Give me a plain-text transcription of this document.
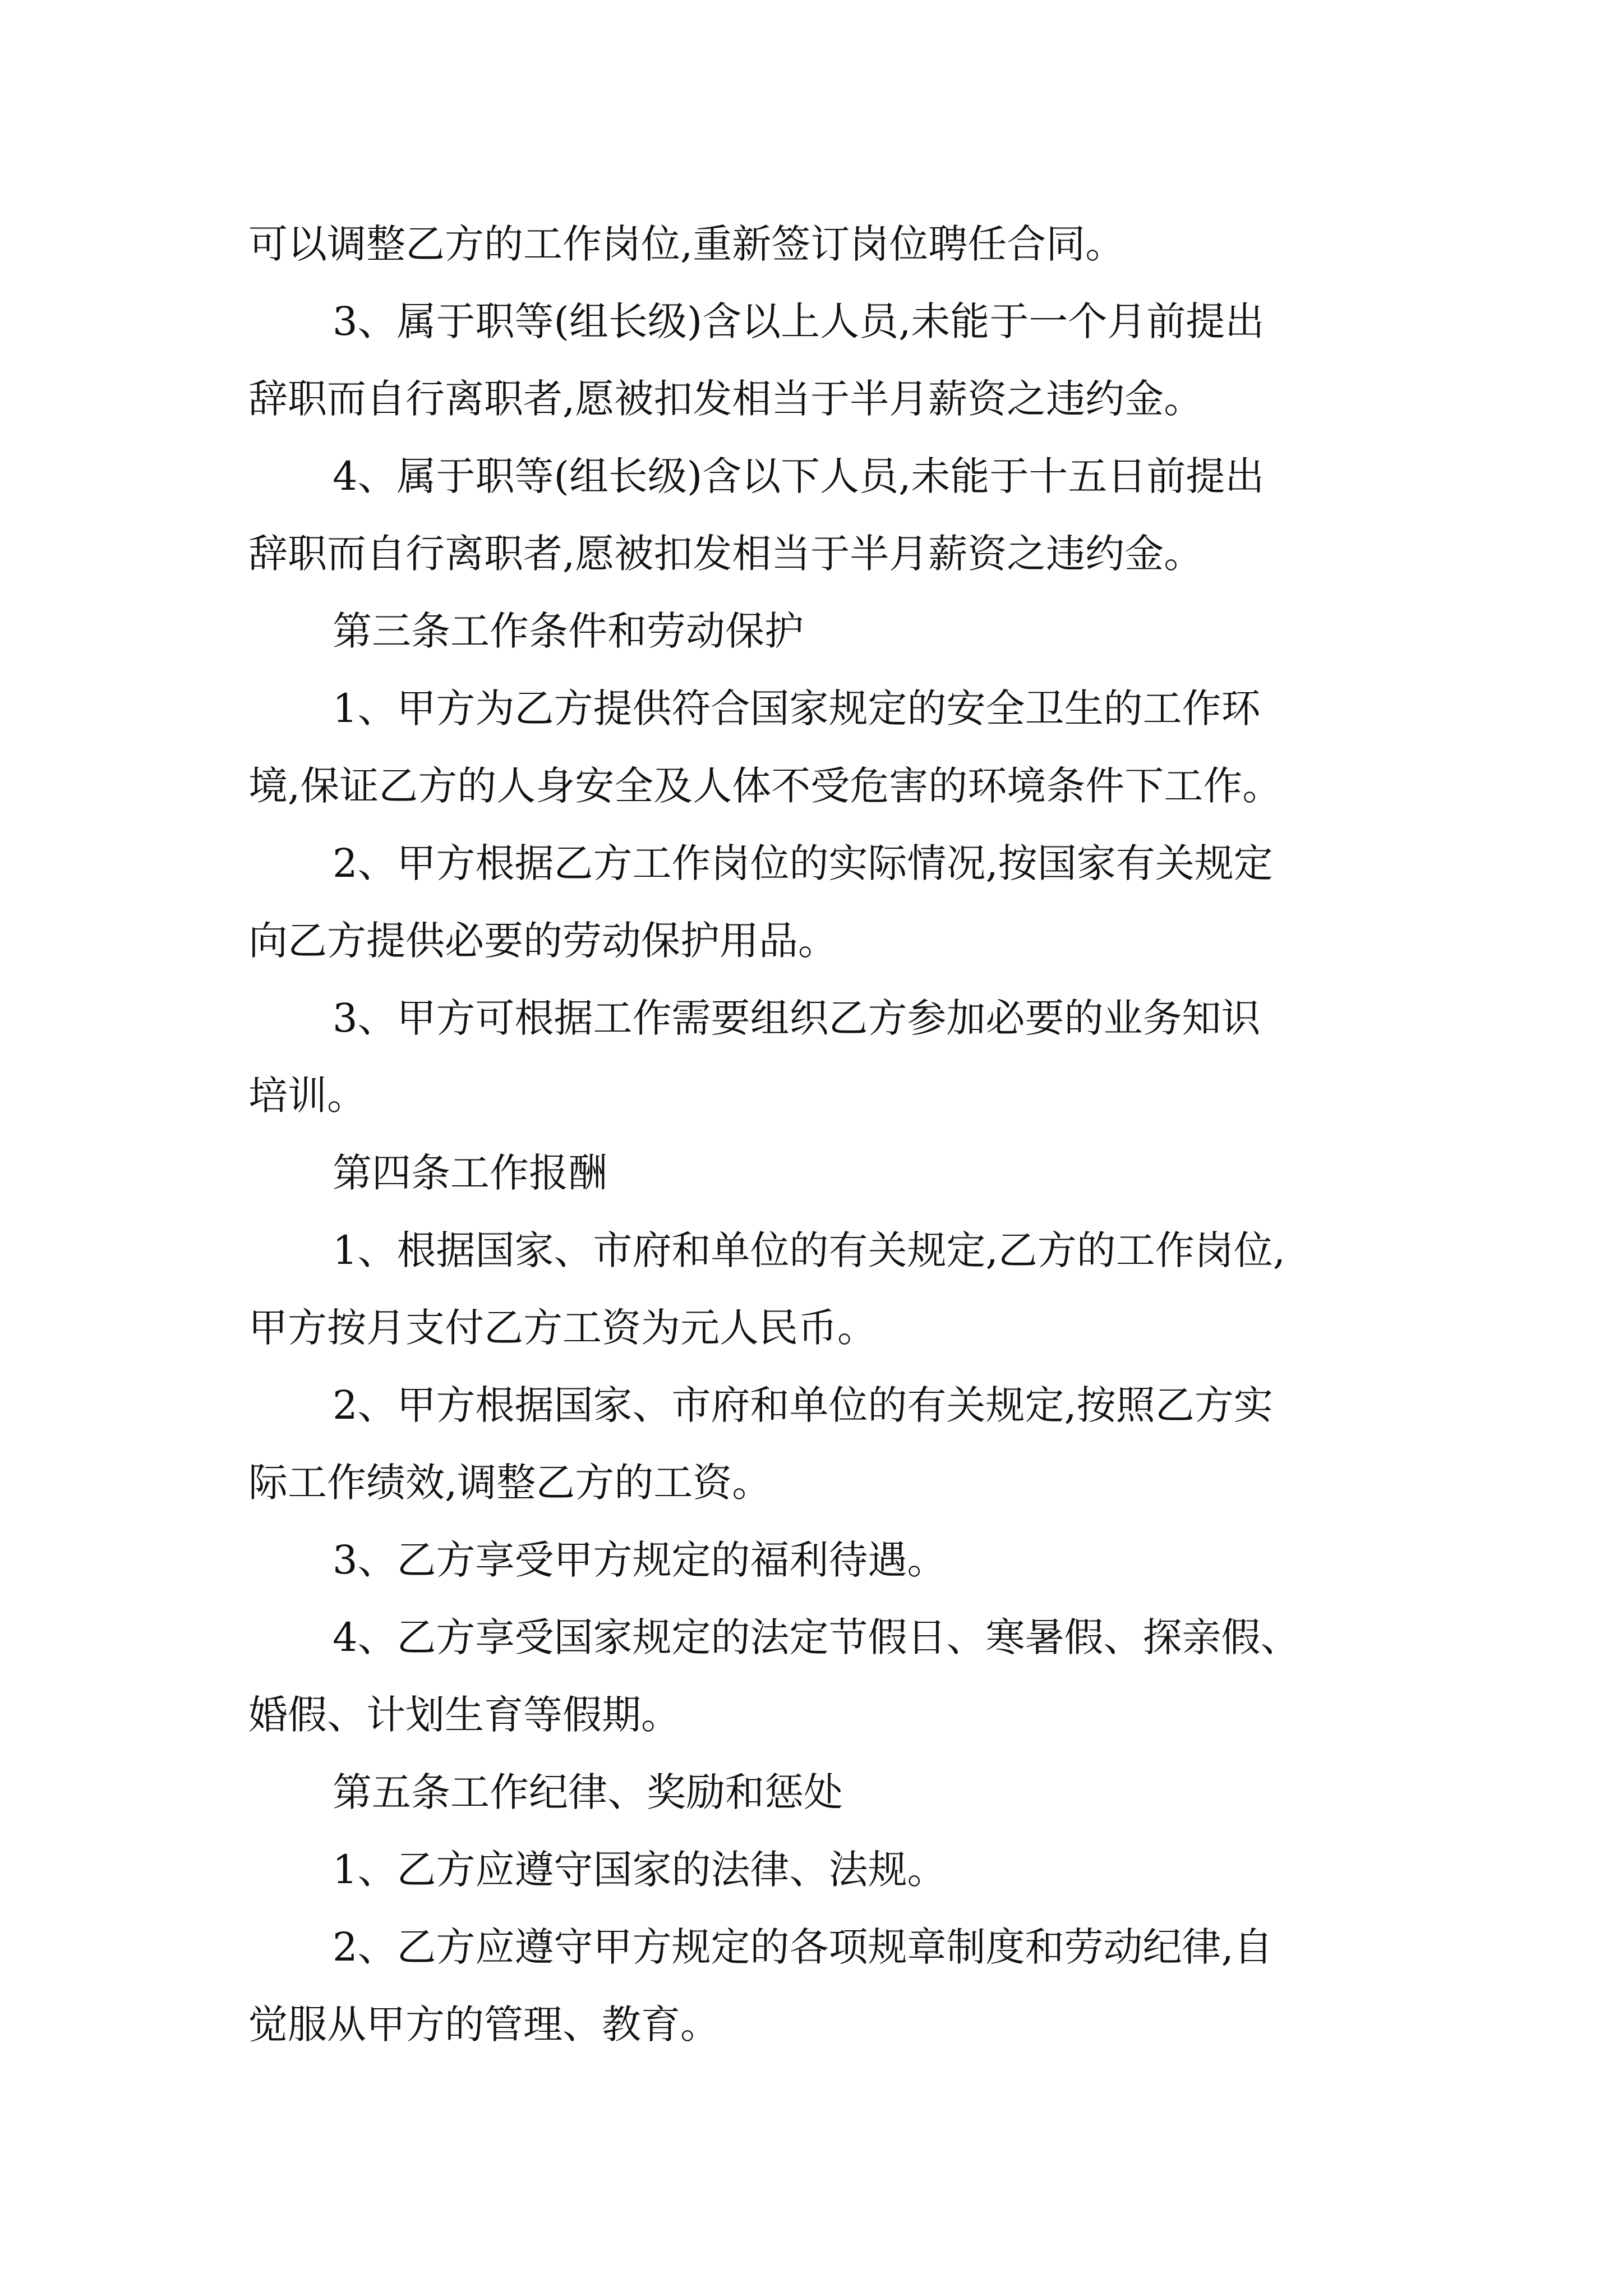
可以调整乙方的工作岗位,重新签订岗位聘任合同。
3、属于职等(组长级)含以上人员,未能于一个月前提出
辞职而自行离职者,愿被扣发相当于半月薪资之违约金。
4、属于职等(组长级)含以下人员,未能于十五日前提出
辞职而自行离职者,愿被扣发相当于半月薪资之违约金。
第三条工作条件和劳动保护
1、甲方为乙方提供符合国家规定的安全卫生的工作环
境,保证乙方的人身安全及人体不受危害的环境条件下工作。
2、甲方根据乙方工作岗位的实际情况,按国家有关规定
向乙方提供必要的劳动保护用品。
3、甲方可根据工作需要组织乙方参加必要的业务知识
培训。
第四条工作报酬
1、根据国家、市府和单位的有关规定,乙方的工作岗位,
甲方按月支付乙方工资为元人民币。
2、甲方根据国家、市府和单位的有关规定,按照乙方实
际工作绩效,调整乙方的工资。
3、乙方享受甲方规定的福利待遇。
4、乙方享受国家规定的法定节假日、寒暑假、探亲假、
婚假、计划生育等假期。
第五条工作纪律、奖励和惩处
1、乙方应遵守国家的法律、法规。
2、乙方应遵守甲方规定的各项规章制度和劳动纪律,自
觉服从甲方的管理、教育。
